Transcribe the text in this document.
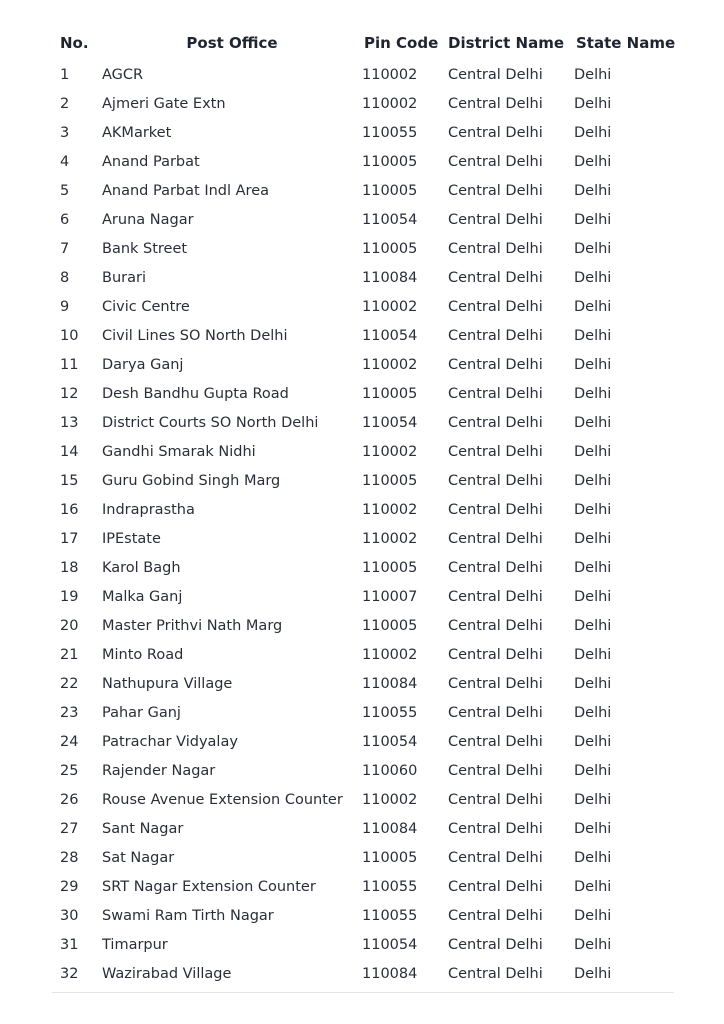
No.	Post Office	Pin Code	District Name	State Name
1	AGCR	110002	Central Delhi	Delhi
2	Ajmeri Gate Extn	110002	Central Delhi	Delhi
3	AKMarket	110055	Central Delhi	Delhi
4	Anand Parbat	110005	Central Delhi	Delhi
5	Anand Parbat Indl Area	110005	Central Delhi	Delhi
6	Aruna Nagar	110054	Central Delhi	Delhi
7	Bank Street	110005	Central Delhi	Delhi
8	Burari	110084	Central Delhi	Delhi
9	Civic Centre	110002	Central Delhi	Delhi
10	Civil Lines SO North Delhi	110054	Central Delhi	Delhi
11	Darya Ganj	110002	Central Delhi	Delhi
12	Desh Bandhu Gupta Road	110005	Central Delhi	Delhi
13	District Courts SO North Delhi	110054	Central Delhi	Delhi
14	Gandhi Smarak Nidhi	110002	Central Delhi	Delhi
15	Guru Gobind Singh Marg	110005	Central Delhi	Delhi
16	Indraprastha	110002	Central Delhi	Delhi
17	IPEstate	110002	Central Delhi	Delhi
18	Karol Bagh	110005	Central Delhi	Delhi
19	Malka Ganj	110007	Central Delhi	Delhi
20	Master Prithvi Nath Marg	110005	Central Delhi	Delhi
21	Minto Road	110002	Central Delhi	Delhi
22	Nathupura Village	110084	Central Delhi	Delhi
23	Pahar Ganj	110055	Central Delhi	Delhi
24	Patrachar Vidyalay	110054	Central Delhi	Delhi
25	Rajender Nagar	110060	Central Delhi	Delhi
26	Rouse Avenue Extension Counter	110002	Central Delhi	Delhi
27	Sant Nagar	110084	Central Delhi	Delhi
28	Sat Nagar	110005	Central Delhi	Delhi
29	SRT Nagar Extension Counter	110055	Central Delhi	Delhi
30	Swami Ram Tirth Nagar	110055	Central Delhi	Delhi
31	Timarpur	110054	Central Delhi	Delhi
32	Wazirabad Village	110084	Central Delhi	Delhi
